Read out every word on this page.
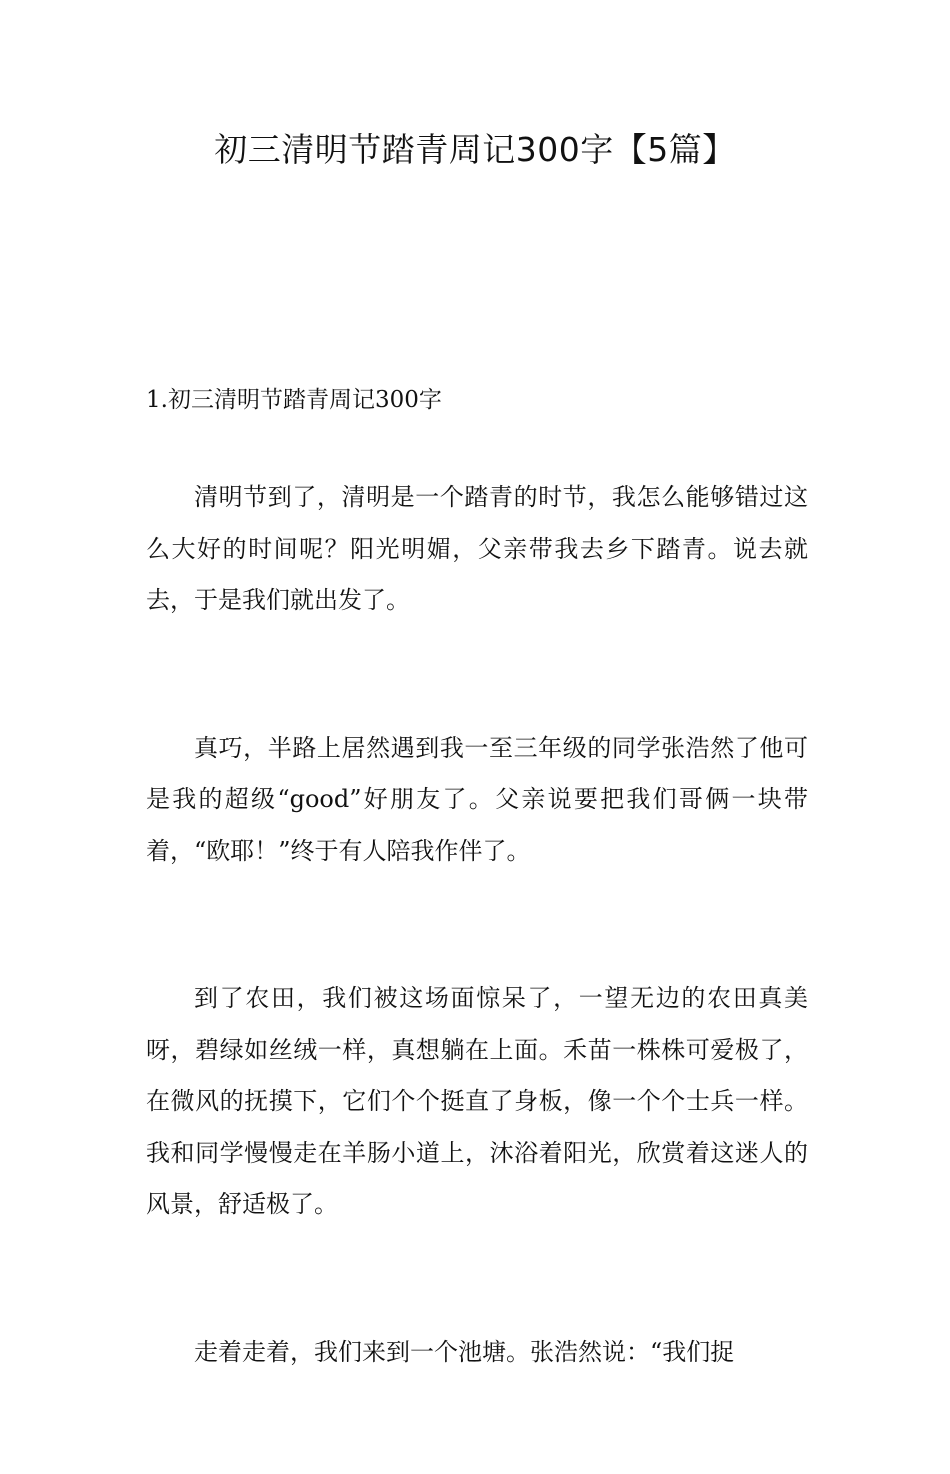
初三清明节踏青周记300字【5篇】
1.初三清明节踏青周记300字

清明节到了，清明是一个踏青的时节，我怎么能够错过这么大好的时间呢？阳光明媚，父亲带我去乡下踏青。说去就去，于是我们就出发了。

真巧，半路上居然遇到我一至三年级的同学张浩然了他可是我的超级“good”好朋友了。父亲说要把我们哥俩一块带着，“欧耶！”终于有人陪我作伴了。

到了农田，我们被这场面惊呆了，一望无边的农田真美呀，碧绿如丝绒一样，真想躺在上面。禾苗一株株可爱极了，在微风的抚摸下，它们个个挺直了身板，像一个个士兵一样。我和同学慢慢走在羊肠小道上，沐浴着阳光，欣赏着这迷人的风景，舒适极了。

走着走着，我们来到一个池塘。张浩然说：“我们捉
